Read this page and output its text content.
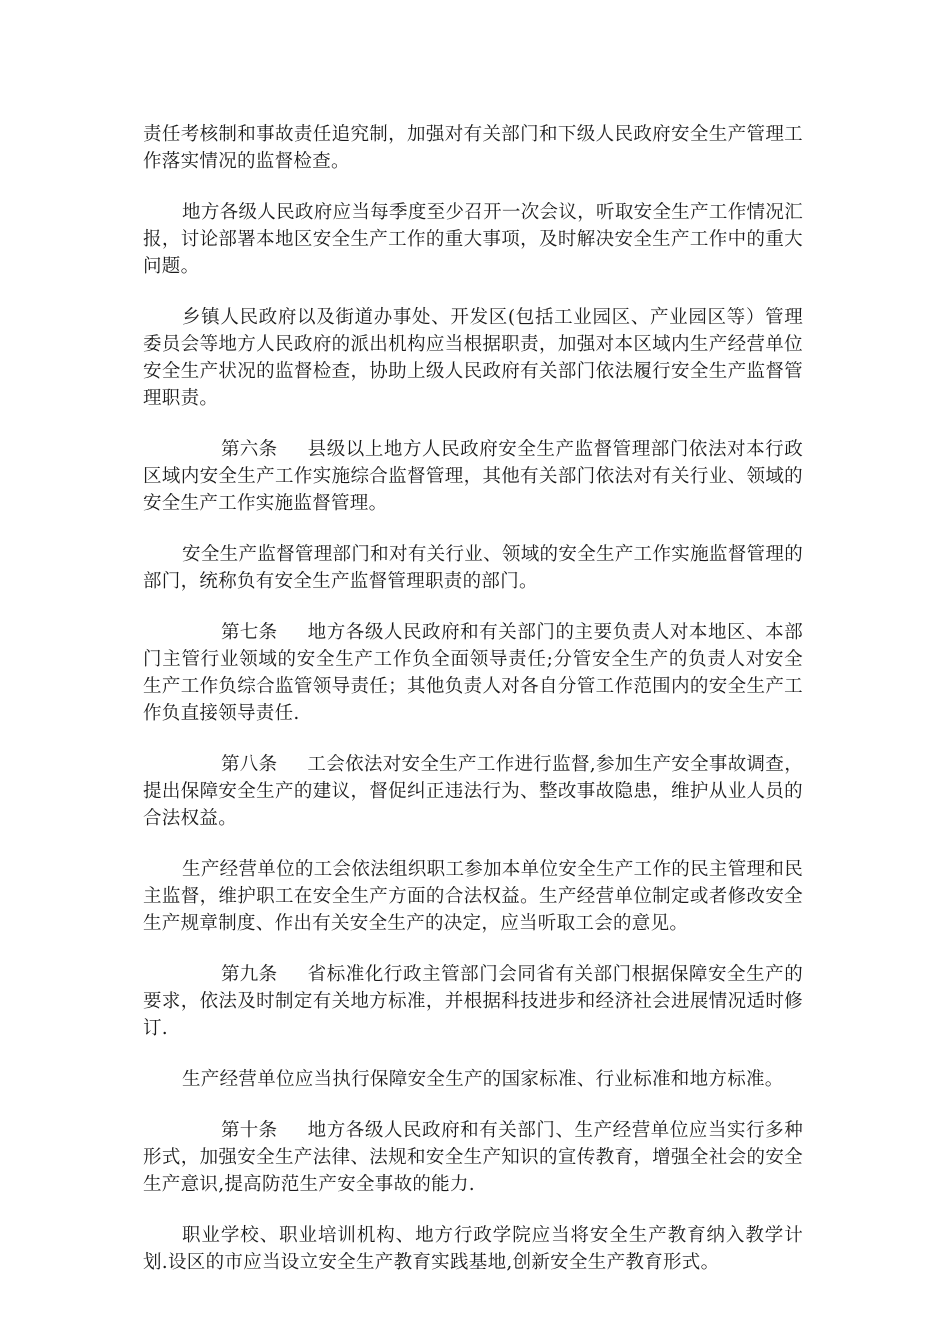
责任考核制和事故责任追究制，加强对有关部门和下级人民政府安全生产管理工作落实情况的监督检查。

地方各级人民政府应当每季度至少召开一次会议，听取安全生产工作情况汇报，讨论部署本地区安全生产工作的重大事项，及时解决安全生产工作中的重大问题。

乡镇人民政府以及街道办事处、开发区(包括工业园区、产业园区等）管理委员会等地方人民政府的派出机构应当根据职责，加强对本区域内生产经营单位安全生产状况的监督检查，协助上级人民政府有关部门依法履行安全生产监督管理职责。

第六条 县级以上地方人民政府安全生产监督管理部门依法对本行政区域内安全生产工作实施综合监督管理，其他有关部门依法对有关行业、领域的安全生产工作实施监督管理。

安全生产监督管理部门和对有关行业、领域的安全生产工作实施监督管理的部门，统称负有安全生产监督管理职责的部门。

第七条 地方各级人民政府和有关部门的主要负责人对本地区、本部门主管行业领域的安全生产工作负全面领导责任;分管安全生产的负责人对安全生产工作负综合监管领导责任；其他负责人对各自分管工作范围内的安全生产工作负直接领导责任.

第八条 工会依法对安全生产工作进行监督,参加生产安全事故调查，提出保障安全生产的建议，督促纠正违法行为、整改事故隐患，维护从业人员的合法权益。

生产经营单位的工会依法组织职工参加本单位安全生产工作的民主管理和民主监督，维护职工在安全生产方面的合法权益。生产经营单位制定或者修改安全生产规章制度、作出有关安全生产的决定，应当听取工会的意见。

第九条 省标准化行政主管部门会同省有关部门根据保障安全生产的要求，依法及时制定有关地方标准，并根据科技进步和经济社会进展情况适时修订.

生产经营单位应当执行保障安全生产的国家标准、行业标准和地方标准。

第十条 地方各级人民政府和有关部门、生产经营单位应当实行多种形式，加强安全生产法律、法规和安全生产知识的宣传教育，增强全社会的安全生产意识,提高防范生产安全事故的能力.

职业学校、职业培训机构、地方行政学院应当将安全生产教育纳入教学计划.设区的市应当设立安全生产教育实践基地,创新安全生产教育形式。
